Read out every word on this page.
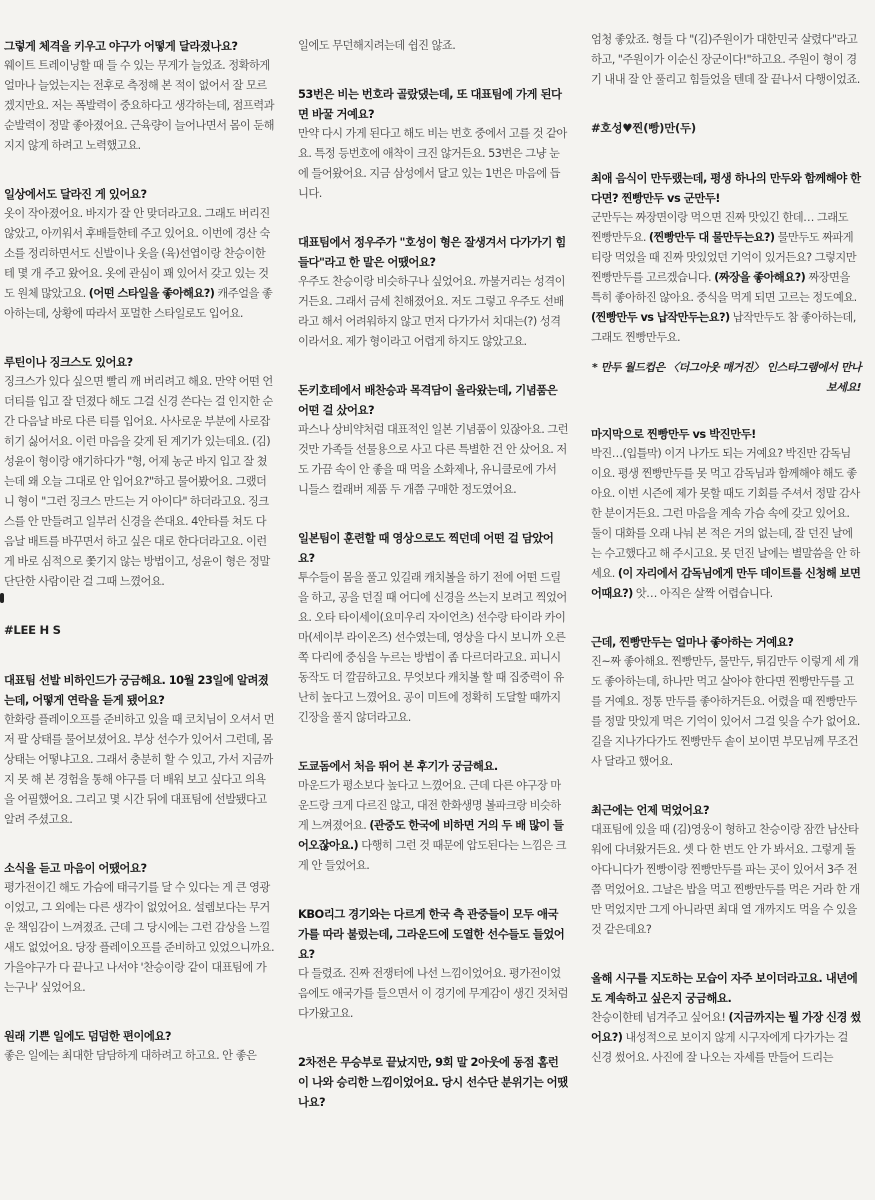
그렇게 체격을 키우고 야구가 어떻게 달라졌나요?

웨이트 트레이닝할 때 들 수 있는 무게가 늘었죠. 정확하게 얼마나 늘었는지는 전후로 측정해 본 적이 없어서 잘 모르겠지만요. 저는 폭발력이 중요하다고 생각하는데, 점프력과 순발력이 정말 좋아졌어요. 근육량이 늘어나면서 몸이 둔해지지 않게 하려고 노력했고요.

일상에서도 달라진 게 있어요?

옷이 작아졌어요. 바지가 잘 안 맞더라고요. 그래도 버리진 않았고, 아끼워서 후배들한테 주고 있어요. 이번에 경산 숙소를 정리하면서도 신발이나 옷을 (육)선엽이랑 찬승이한테 몇 개 주고 왔어요. 옷에 관심이 꽤 있어서 갖고 있는 것도 원체 많았고요. (어떤 스타일을 좋아해요?) 캐주얼을 좋아하는데, 상황에 따라서 포멀한 스타일로도 입어요.

루틴이나 징크스도 있어요?

징크스가 있다 싶으면 빨리 깨 버리려고 해요. 만약 어떤 언더티를 입고 잘 던졌다 해도 그걸 신경 쓴다는 걸 인지한 순간 다음날 바로 다른 티를 입어요. 사사로운 부분에 사로잡히기 싫어서요. 이런 마음을 갖게 된 계기가 있는데요. (김)성윤이 형이랑 얘기하다가 "형, 어제 농군 바지 입고 잘 쳤는데 왜 오늘 그대로 안 입어요?"하고 물어봤어요. 그랬더니 형이 "그런 징크스 만드는 거 아이다" 하더라고요. 징크스를 안 만들려고 일부러 신경을 쓴대요. 4안타를 쳐도 다음날 배트를 바꾸면서 하고 싶은 대로 한다더라고요. 이런 게 바로 심적으로 쫓기지 않는 방법이고, 성윤이 형은 정말 단단한 사람이란 걸 그때 느꼈어요.

#LEE H S

대표팀 선발 비하인드가 궁금해요. 10월 23일에 알려졌는데, 어떻게 연락을 듣게 됐어요?

한화랑 플레이오프를 준비하고 있을 때 코치님이 오셔서 먼저 팔 상태를 물어보셨어요. 부상 선수가 있어서 그런데, 몸 상태는 어떻냐고요. 그래서 충분히 할 수 있고, 가서 지금까지 못 해 본 경험을 통해 야구를 더 배워 보고 싶다고 의욕을 어필했어요. 그리고 몇 시간 뒤에 대표팀에 선발됐다고 알려 주셨고요.

소식을 듣고 마음이 어땠어요?

평가전이긴 해도 가슴에 태극기를 달 수 있다는 게 큰 영광이었고, 그 외에는 다른 생각이 없었어요. 설렘보다는 무거운 책임감이 느껴졌죠. 근데 그 당시에는 그런 감상을 느낄 새도 없었어요. 당장 플레이오프를 준비하고 있었으니까요. 가을야구가 다 끝나고 나서야 '찬승이랑 같이 대표팀에 가는구나' 싶었어요.

원래 기쁜 일에도 덤덤한 편이에요?

좋은 일에는 최대한 담담하게 대하려고 하고요. 안 좋은

일에도 무던해지려는데 쉽진 않죠.

53번은 비는 번호라 골랐댔는데, 또 대표팀에 가게 된다면 바꿀 거예요?

만약 다시 가게 된다고 해도 비는 번호 중에서 고를 것 같아요. 특정 등번호에 애착이 크진 않거든요. 53번은 그냥 눈에 들어왔어요. 지금 삼성에서 달고 있는 1번은 마음에 듭니다.

대표팀에서 정우주가 "호성이 형은 잘생겨서 다가가기 힘들다"라고 한 말은 어땠어요?

우주도 찬승이랑 비슷하구나 싶었어요. 까불거리는 성격이거든요. 그래서 금세 친해졌어요. 저도 그렇고 우주도 선배라고 해서 어려워하지 않고 먼저 다가가서 치대는(?) 성격이라서요. 제가 형이라고 어렵게 하지도 않았고요.

돈키호테에서 배찬승과 목격담이 올라왔는데, 기념품은 어떤 걸 샀어요?

파스나 상비약처럼 대표적인 일본 기념품이 있잖아요. 그런 것만 가족들 선물용으로 사고 다른 특별한 건 안 샀어요. 저도 가끔 속이 안 좋을 때 먹을 소화제나, 유니클로에 가서 니들스 컬래버 제품 두 개쯤 구매한 정도였어요.

일본팀이 훈련할 때 영상으로도 찍던데 어떤 걸 담았어요?

투수들이 몸을 풀고 있길래 캐치볼을 하기 전에 어떤 드릴을 하고, 공을 던질 때 어디에 신경을 쓰는지 보려고 찍었어요. 오타 타이세이(요미우리 자이언츠) 선수랑 타이라 카이마(세이부 라이온즈) 선수였는데, 영상을 다시 보니까 오른쪽 다리에 중심을 누르는 방법이 좀 다르더라고요. 피니시 동작도 더 깔끔하고요. 무엇보다 캐치볼 할 때 집중력이 유난히 높다고 느꼈어요. 공이 미트에 정확히 도달할 때까지 긴장을 풀지 않더라고요.

도쿄돔에서 처음 뛰어 본 후기가 궁금해요.

마운드가 평소보다 높다고 느꼈어요. 근데 다른 야구장 마운드랑 크게 다르진 않고, 대전 한화생명 볼파크랑 비슷하게 느껴졌어요. (관중도 한국에 비하면 거의 두 배 많이 들어오잖아요.) 다행히 그런 것 때문에 압도된다는 느낌은 크게 안 들었어요.

KBO리그 경기와는 다르게 한국 측 관중들이 모두 애국가를 따라 불렀는데, 그라운드에 도열한 선수들도 들었어요?

다 들렸죠. 진짜 전쟁터에 나선 느낌이었어요. 평가전이었음에도 애국가를 들으면서 이 경기에 무게감이 생긴 것처럼 다가왔고요.

2차전은 무승부로 끝났지만, 9회 말 2아웃에 동점 홈런이 나와 승리한 느낌이었어요. 당시 선수단 분위기는 어땠나요?

엄청 좋았죠. 형들 다 "(김)주원이가 대한민국 살렸다"라고 하고, "주원이가 이순신 장군이다!"하고요. 주원이 형이 경기 내내 잘 안 풀리고 힘들었을 텐데 잘 끝나서 다행이었죠.

#호성♥찐(빵)만(두)

최애 음식이 만두랬는데, 평생 하나의 만두와 함께해야 한다면? 찐빵만두 vs 군만두!

군만두는 짜장면이랑 먹으면 진짜 맛있긴 한데… 그래도 찐빵만두요. (찐빵만두 대 물만두는요?) 물만두도 짜파게티랑 먹었을 때 진짜 맛있었던 기억이 있거든요? 그렇지만 찐빵만두를 고르겠습니다. (짜장을 좋아해요?) 짜장면을 특히 좋아하진 않아요. 중식을 먹게 되면 고르는 정도예요. (찐빵만두 vs 납작만두는요?) 납작만두도 참 좋아하는데, 그래도 찐빵만두요.

* 만두 월드컵은 〈더그아웃 매거진〉 인스타그램에서 만나 보세요!

마지막으로 찐빵만두 vs 박진만두!

박진…(입틀막) 이거 나가도 되는 거예요? 박진만 감독님이요. 평생 찐빵만두를 못 먹고 감독님과 함께해야 해도 좋아요. 이번 시즌에 제가 못할 때도 기회를 주셔서 정말 감사한 분이거든요. 그런 마음을 계속 가슴 속에 갖고 있어요. 둘이 대화를 오래 나눠 본 적은 거의 없는데, 잘 던진 날에는 수고했다고 해 주시고요. 못 던진 날에는 별말씀을 안 하세요. (이 자리에서 감독님에게 만두 데이트를 신청해 보면 어때요?) 앗… 아직은 살짝 어렵습니다.

근데, 찐빵만두는 얼마나 좋아하는 거예요?

진~짜 좋아해요. 찐빵만두, 물만두, 튀김만두 이렇게 세 개도 좋아하는데, 하나만 먹고 살아야 한다면 찐빵만두를 고를 거예요. 정통 만두를 좋아하거든요. 어렸을 때 찐빵만두를 정말 맛있게 먹은 기억이 있어서 그걸 잊을 수가 없어요. 길을 지나가다가도 찐빵만두 솥이 보이면 부모님께 무조건 사 달라고 했어요.

최근에는 언제 먹었어요?

대표팀에 있을 때 (김)영웅이 형하고 찬승이랑 잠깐 남산타워에 다녀왔거든요. 셋 다 한 번도 안 가 봐서요. 그렇게 돌아다니다가 찐빵이랑 찐빵만두를 파는 곳이 있어서 3주 전쯤 먹었어요. 그날은 밥을 먹고 찐빵만두를 먹은 거라 한 개만 먹었지만 그게 아니라면 최대 열 개까지도 먹을 수 있을 것 같은데요?

올해 시구를 지도하는 모습이 자주 보이더라고요. 내년에도 계속하고 싶은지 궁금해요.

찬승이한테 넘겨주고 싶어요! (지금까지는 뭘 가장 신경 썼어요?) 내성적으로 보이지 않게 시구자에게 다가가는 걸 신경 썼어요. 사진에 잘 나오는 자세를 만들어 드리는
